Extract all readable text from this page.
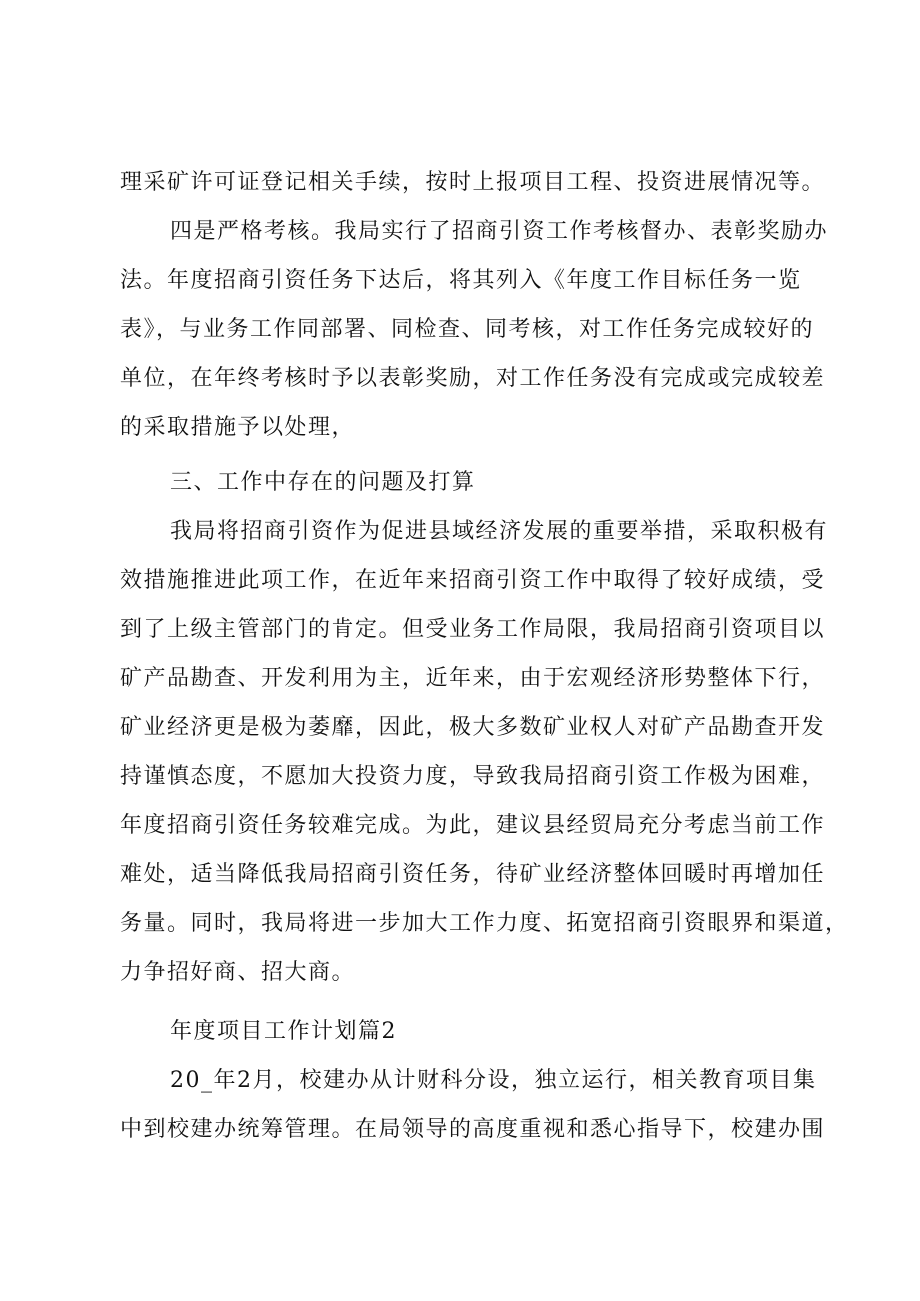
理采矿许可证登记相关手续，按时上报项目工程、投资进展情况等。

四是严格考核。我局实行了招商引资工作考核督办、表彰奖励办
法。年度招商引资任务下达后，将其列入《年度工作目标任务一览
表》，与业务工作同部署、同检查、同考核，对工作任务完成较好的
单位，在年终考核时予以表彰奖励，对工作任务没有完成或完成较差
的采取措施予以处理，

三、工作中存在的问题及打算

我局将招商引资作为促进县域经济发展的重要举措，采取积极有
效措施推进此项工作，在近年来招商引资工作中取得了较好成绩，受
到了上级主管部门的肯定。但受业务工作局限，我局招商引资项目以
矿产品勘查、开发利用为主，近年来，由于宏观经济形势整体下行，
矿业经济更是极为萎靡，因此，极大多数矿业权人对矿产品勘查开发
持谨慎态度，不愿加大投资力度，导致我局招商引资工作极为困难，
年度招商引资任务较难完成。为此，建议县经贸局充分考虑当前工作
难处，适当降低我局招商引资任务，待矿业经济整体回暖时再增加任
务量。同时，我局将进一步加大工作力度、拓宽招商引资眼界和渠道，
力争招好商、招大商。

年度项目工作计划篇2

20_年2月，校建办从计财科分设，独立运行，相关教育项目集
中到校建办统筹管理。在局领导的高度重视和悉心指导下，校建办围
